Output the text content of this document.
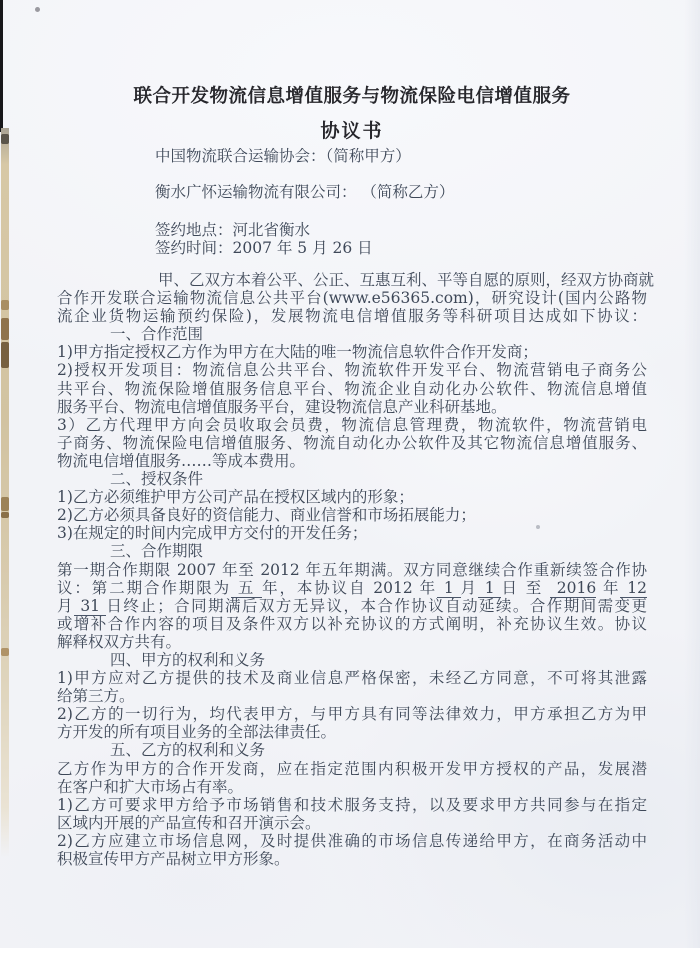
联合开发物流信息增值服务与物流保险电信增值服务
协议书
中国物流联合运输协会：（简称甲方）
衡水广怀运输物流有限公司： （简称乙方）
签约地点：河北省衡水
签约时间：2007 年 5 月 26 日
甲、乙双方本着公平、公正、互惠互利、平等自愿的原则，经双方协商就
合作开发联合运输物流信息公共平台(www.e56365.com)，研究设计(国内公路物
流企业货物运输预约保险)，发展物流电信增值服务等科研项目达成如下协议：
一、合作范围
1)甲方指定授权乙方作为甲方在大陆的唯一物流信息软件合作开发商；
2)授权开发项目：物流信息公共平台、物流软件开发平台、物流营销电子商务公
共平台、物流保险增值服务信息平台、物流企业自动化办公软件、物流信息增值
服务平台、物流电信增值服务平台，建设物流信息产业科研基地。
3）乙方代理甲方向会员收取会员费，物流信息管理费，物流软件，物流营销电
子商务、物流保险电信增值服务、物流自动化办公软件及其它物流信息增值服务、
物流电信增值服务……等成本费用。
二、授权条件
1)乙方必须维护甲方公司产品在授权区域内的形象；
2)乙方必须具备良好的资信能力、商业信誉和市场拓展能力；
3)在规定的时间内完成甲方交付的开发任务；
三、合作期限
第一期合作期限 2007 年至 2012 年五年期满。双方同意继续合作重新续签合作协
议：第二期合作期限为 五 年，本协议自 2012 年 1 月 1 日 至  2016 年 12
月 31 日终止；合同期满后双方无异议，本合作协议自动延续。合作期间需变更
或增补合作内容的项目及条件双方以补充协议的方式阐明，补充协议生效。协议
解释权双方共有。
四、甲方的权利和义务
1)甲方应对乙方提供的技术及商业信息严格保密，未经乙方同意，不可将其泄露
给第三方。
2)乙方的一切行为，均代表甲方，与甲方具有同等法律效力，甲方承担乙方为甲
方开发的所有项目业务的全部法律责任。
五、乙方的权利和义务
乙方作为甲方的合作开发商，应在指定范围内积极开发甲方授权的产品，发展潜
在客户和扩大市场占有率。
1)乙方可要求甲方给予市场销售和技术服务支持，以及要求甲方共同参与在指定
区域内开展的产品宣传和召开演示会。
2)乙方应建立市场信息网，及时提供准确的市场信息传递给甲方，在商务活动中
积极宣传甲方产品树立甲方形象。
